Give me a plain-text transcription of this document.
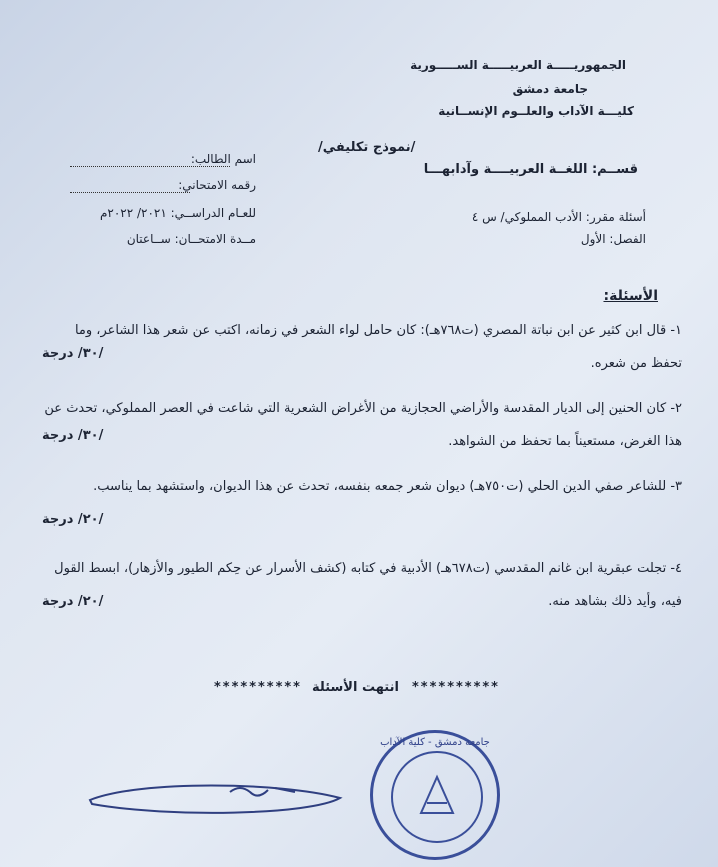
الجمهوريـــــة العربيـــــة الســـــورية
جامعة دمشق
كليـــة الآداب والعلــوم الإنســانية
/نموذج تكليفي/
قســم: اللغــة العربيــــة وآدابهـــا
أسئلة مقرر: الأدب المملوكي/ س ٤
الفصل: الأول
اسم الطالب:
رقمه الامتحاني:
للعـام الدراســي: ٢٠٢١/ ٢٠٢٢م
مــدة الامتحــان: ســاعتان
الأسئلة:
١- قال ابن كثير عن ابن نباتة المصري (ت٧٦٨هـ): كان حامل لواء الشعر في زمانه، اكتب عن شعر هذا الشاعر، وما تحفظ من شعره.
/٣٠/ درجة
٢- كان الحنين إلى الديار المقدسة والأراضي الحجازية من الأغراض الشعرية التي شاعت في العصر المملوكي، تحدث عن هذا الغرض، مستعيناً بما تحفظ من الشواهد.
/٣٠/ درجة
٣- للشاعر صفي الدين الحلي (ت٧٥٠هـ) ديوان شعر جمعه بنفسه، تحدث عن هذا الديوان، واستشهد بما يناسب.
/٢٠/ درجة
٤- تجلت عبقرية ابن غانم المقدسي (ت٦٧٨هـ) الأدبية في كتابه (كشف الأسرار عن حِكم الطيور والأزهار)، ابسط القول فيه، وأيد ذلك بشاهد منه.
/٢٠/ درجة
********** انتهت الأسئلة **********
جامعة دمشق - كلية الآداب
